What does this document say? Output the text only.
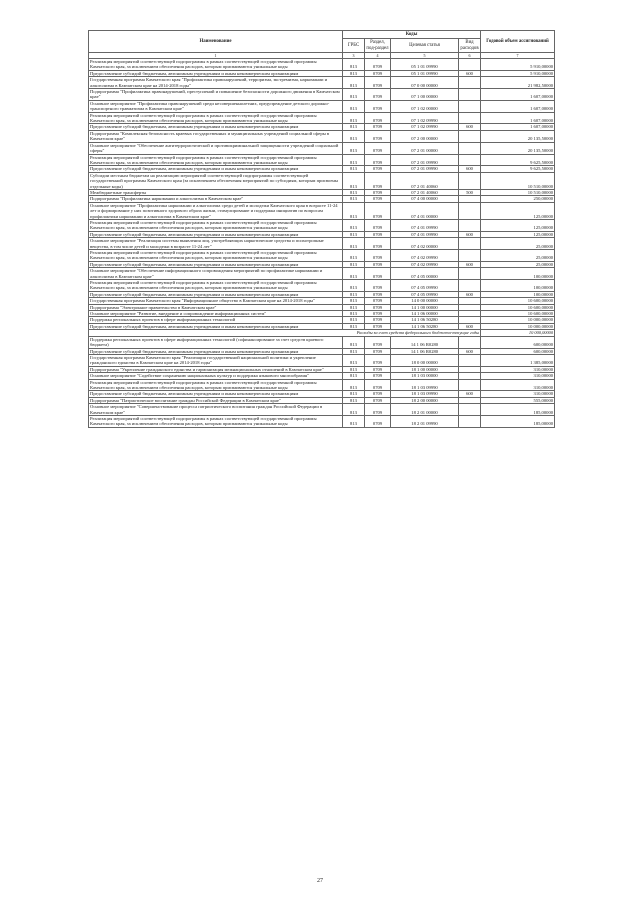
Наименование	Коды				Годовой объем ассигнований
	ГРБС	Раздел, под-раздел	Целевая статья	Вид расходов	
1	3	4	5	6	7
Реализация мероприятий соответствующей подпрограммы в рамках соответствующей государственной программы Камчатского края, за исключением обеспечения расходов, которым присваиваются уникальные коды	813	0709	05 1 01 09990		5 910,00000
Предоставление субсидий бюджетным, автономным учреждениям и иным некоммерческим организациям	813	0709	05 1 01 09990	600	5 910,00000
Государственная программа Камчатского края "Профилактика правонарушений, терроризма, экстремизма, наркомании и алкоголизма в Камчатском крае на 2014-2018 годы"	813	0709	07 0 00 00000		21 982,50000
Подпрограмма "Профилактика правонарушений, преступлений и повышение безопасности дорожного движения в Камчатском крае"	813	0709	07 1 00 00000		1 607,00000
Основное мероприятие "Профилактика правонарушений среди несовершеннолетних, предупреждение детского дорожно-транспортного травматизма в Камчатском крае"	813	0709	07 1 02 00000		1 607,00000
Реализация мероприятий соответствующей подпрограммы в рамках соответствующей государственной программы Камчатского края, за исключением обеспечения расходов, которым присваиваются уникальные коды	813	0709	07 1 02 09990		1 607,00000
Предоставление субсидий бюджетным, автономным учреждениям и иным некоммерческим организациям	813	0709	07 1 02 09990	600	1 607,00000
Подпрограмма "Комплексная безопасность краевых государственных и муниципальных учреждений социальной сферы в Камчатском крае"	813	0709	07 2 00 00000		20 135,50000
Основное мероприятие "Обеспечение антитеррористической и противокриминальной защищенности учреждений социальной сферы"	813	0709	07 2 01 00000		20 135,50000
Реализация мероприятий соответствующей подпрограммы в рамках соответствующей государственной программы Камчатского края, за исключением обеспечения расходов, которым присваиваются уникальные коды	813	0709	07 2 01 09990		9 625,50000
Предоставление субсидий бюджетным, автономным учреждениям и иным некоммерческим организациям	813	0709	07 2 01 09990	600	9 625,50000
Субсидии местным бюджетам на реализацию мероприятий соответствующей подпрограммы соответствующей государственной программы Камчатского края (за исключением обеспечения мероприятий по субсидиям, которым присвоены отдельные коды)	813	0709	07 2 01 40060		10 510,00000
Межбюджетные трансферты	813	0709	07 2 01 40060	500	10 510,00000
Подпрограмма "Профилактика наркомании и алкоголизма в Камчатском крае"	813	0709	07 4 00 00000		250,00000
Основное мероприятие "Профилактика наркомании и алкоголизма среди детей и молодежи Камчатского края в возрасте 11-24 лет и формирование у них позитивного здорового образа жизни, стимулирование и поддержка инициатив по вопросам профилактики наркомании и алкоголизма в Камчатском крае"	813	0709	07 4 01 00000		125,00000
Реализация мероприятий соответствующей подпрограммы в рамках соответствующей государственной программы Камчатского края, за исключением обеспечения расходов, которым присваиваются уникальные коды	813	0709	07 4 01 09990		125,00000
Предоставление субсидий бюджетным, автономным учреждениям и иным некоммерческим организациям	813	0709	07 4 01 09990	600	125,00000
Основное мероприятие "Реализация системы выявления лиц, употребляющих наркотические средства и психотропные вещества, в том числе детей и молодежи в возрасте 11-24 лет"	813	0709	07 4 02 00000		25,00000
Реализация мероприятий соответствующей подпрограммы в рамках соответствующей государственной программы Камчатского края, за исключением обеспечения расходов, которым присваиваются уникальные коды	813	0709	07 4 02 09990		25,00000
Предоставление субсидий бюджетным, автономным учреждениям и иным некоммерческим организациям	813	0709	07 4 02 09990	600	25,00000
Основное мероприятие "Обеспечение информационного сопровождения мероприятий по профилактике наркомании и алкоголизма в Камчатском крае"	813	0709	07 4 05 00000		100,00000
Реализация мероприятий соответствующей подпрограммы в рамках соответствующей государственной программы Камчатского края, за исключением обеспечения расходов, которым присваиваются уникальные коды	813	0709	07 4 05 09990		100,00000
Предоставление субсидий бюджетным, автономным учреждениям и иным некоммерческим организациям	813	0709	07 4 05 09990	600	100,00000
Государственная программа Камчатского края "Информационное общество в Камчатском крае на 2014-2018 годы"	813	0709	14 0 00 00000		10 600,00000
Подпрограмма "Электронное правительство в Камчатском крае"	813	0709	14 1 00 00000		10 600,00000
Основное мероприятие "Развитие, внедрение и сопровождение информационных систем"	813	0709	14 1 06 00000		10 600,00000
Поддержка региональных проектов в сфере информационных технологий	813	0709	14 1 06 50280		10 000,00000
Предоставление субсидий бюджетным, автономным учреждениям и иным некоммерческим организациям	813	0709	14 1 06 50280	600	10 000,00000
Расходы за счет средств федерального бюджета-текущие годы					10 000,00000
Поддержка региональных проектов в сфере информационных технологий (софинансирование за счет средств краевого бюджета)	813	0709	14 1 06 R0280		600,00000
Предоставление субсидий бюджетным, автономным учреждениям и иным некоммерческим организациям	813	0709	14 1 06 R0280	600	600,00000
Государственная программа Камчатского края "Реализация государственной национальной политики и укрепление гражданского единства в Камчатском крае на 2014-2018 годы"	813	0709	18 0 00 00000		1 385,00000
Подпрограмма "Укрепление гражданского единства и гармонизация межнациональных отношений в Камчатском крае"	813	0709	18 1 00 00000		310,00000
Основное мероприятие "Содействие сохранению национальных культур и поддержка языкового многообразия"	813	0709	18 1 03 00000		310,00000
Реализация мероприятий соответствующей подпрограммы в рамках соответствующей государственной программы Камчатского края, за исключением обеспечения расходов, которым присваиваются уникальные коды	813	0709	18 1 03 09990		310,00000
Предоставление субсидий бюджетным, автономным учреждениям и иным некоммерческим организациям	813	0709	18 1 03 09990	600	310,00000
Подпрограмма "Патриотическое воспитание граждан Российской Федерации в Камчатском крае"	813	0709	18 2 00 00000		555,00000
Основное мероприятие "Совершенствование процесса патриотического воспитания граждан Российской Федерации в Камчатском крае"	813	0709	18 2 01 00000		185,00000
Реализация мероприятий соответствующей подпрограммы в рамках соответствующей государственной программы Камчатского края, за исключением обеспечения расходов, которым присваиваются уникальные коды	813	0709	18 2 01 09990		185,00000
27
